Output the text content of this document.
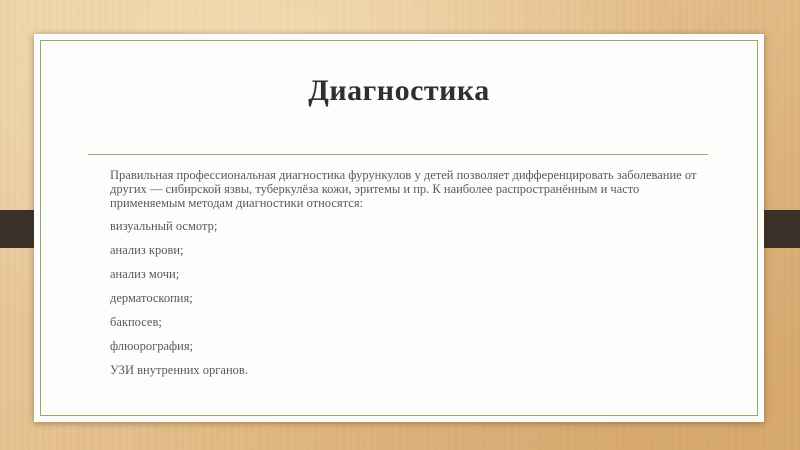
Диагностика

Правильная профессиональная диагностика фурункулов у детей позволяет дифференцировать заболевание от других — сибирской язвы, туберкулёза кожи, эритемы и пр. К наиболее распространённым и часто применяемым методам диагностики относятся:

визуальный осмотр;
анализ крови;
анализ мочи;
дерматоскопия;
бакпосев;
флюорография;
УЗИ внутренних органов.
